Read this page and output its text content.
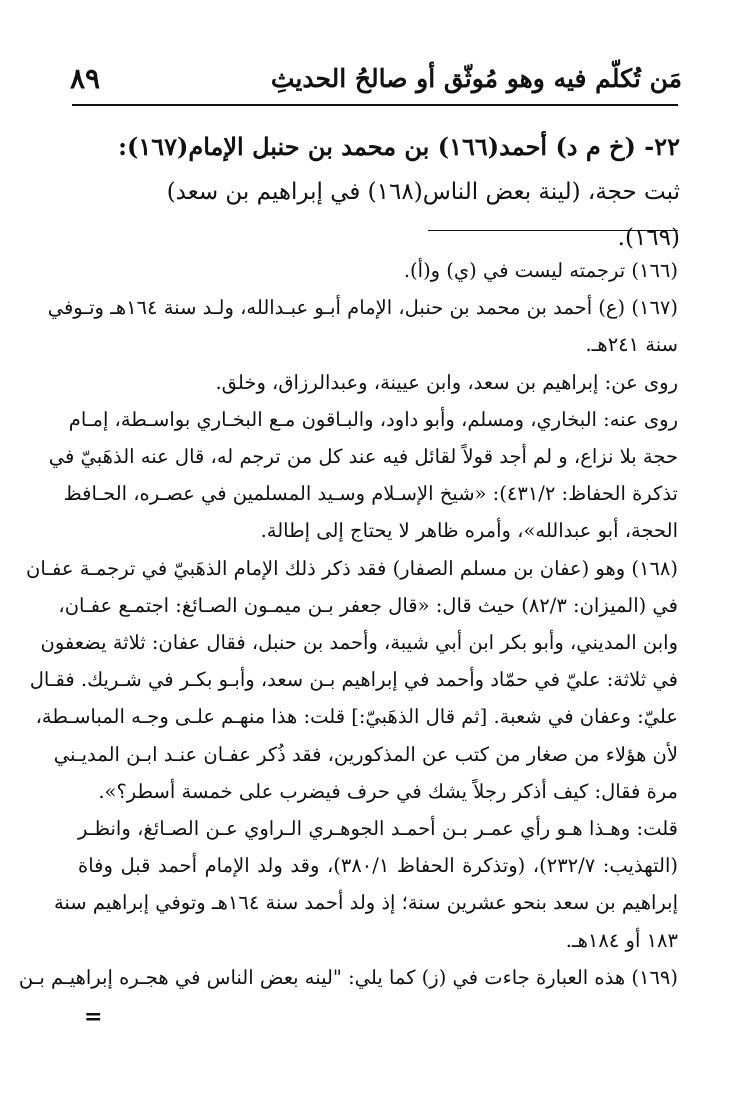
٨٩	مَن تُكلّم فيه وهو مُوثّق أو صالحُ الحديثِ
٢٢- (خ م د) أحمد(١٦٦) بن محمد بن حنبل الإمام(١٦٧):
ثبت حجة، (لينة بعض الناس(١٦٨) في إبراهيم بن سعد)(١٦٩).
(١٦٦) ترجمته ليست في (ي) و(أ).
(١٦٧) (ع) أحمد بن محمد بن حنبل، الإمام أبـو عبـدالله، ولـد سنة ١٦٤هـ وتـوفي
سنة ٢٤١هـ.
روى عن: إبراهيم بن سعد، وابن عيينة، وعبدالرزاق، وخلق.
روى عنه: البخاري، ومسلم، وأبو داود، والبـاقون مـع البخـاري بواسـطة، إمـام
حجة بلا نزاع، و لم أجد قولاً لقائل فيه عند كل من ترجم له، قال عنه الذهَبيّ في
تذكرة الحفاظ: ٤٣١/٢): «شيخ الإسـلام وسـيد المسلمين في عصـره، الحـافظ
الحجة، أبو عبدالله»، وأمره ظاهر لا يحتاج إلى إطالة.
(١٦٨) وهو (عفان بن مسلم الصفار) فقد ذكر ذلك الإمام الذهَبيّ في ترجمـة عفـان
في (الميزان: ٨٢/٣) حيث قال: «قال جعفر بـن ميمـون الصـائغ: اجتمـع عفـان،
وابن المديني، وأبو بكر ابن أبي شيبة، وأحمد بن حنبل، فقال عفان: ثلاثة يضعفون
في ثلاثة: عليّ في حمّاد وأحمد في إبراهيم بـن سعد، وأبـو بكـر في شـريك. فقـال
عليّ: وعفان في شعبة. [ثم قال الذهَبيّ:] قلت: هذا منهـم علـى وجـه المباسـطة،
لأن هؤلاء من صغار من كتب عن المذكورين، فقد ذُكر عفـان عنـد ابـن المديـني
مرة فقال: كيف أذكر رجلاً يشك في حرف فيضرب على خمسة أسطر؟».
قلت: وهـذا هـو رأي عمـر بـن أحمـد الجوهـري الـراوي عـن الصـائغ، وانظـر
(التهذيب: ٢٣٢/٧)، (وتذكرة الحفاظ ٣٨٠/١)، وقد ولد الإمام أحمد قبل وفاة
إبراهيم بن سعد بنحو عشرين سنة؛ إذ ولد أحمد سنة ١٦٤هـ وتوفي إبراهيم سنة
١٨٣ أو ١٨٤هـ.
(١٦٩) هذه العبارة جاءت في (ز) كما يلي: "لينه بعض الناس في هجـره إبراهيـم بـن
=
